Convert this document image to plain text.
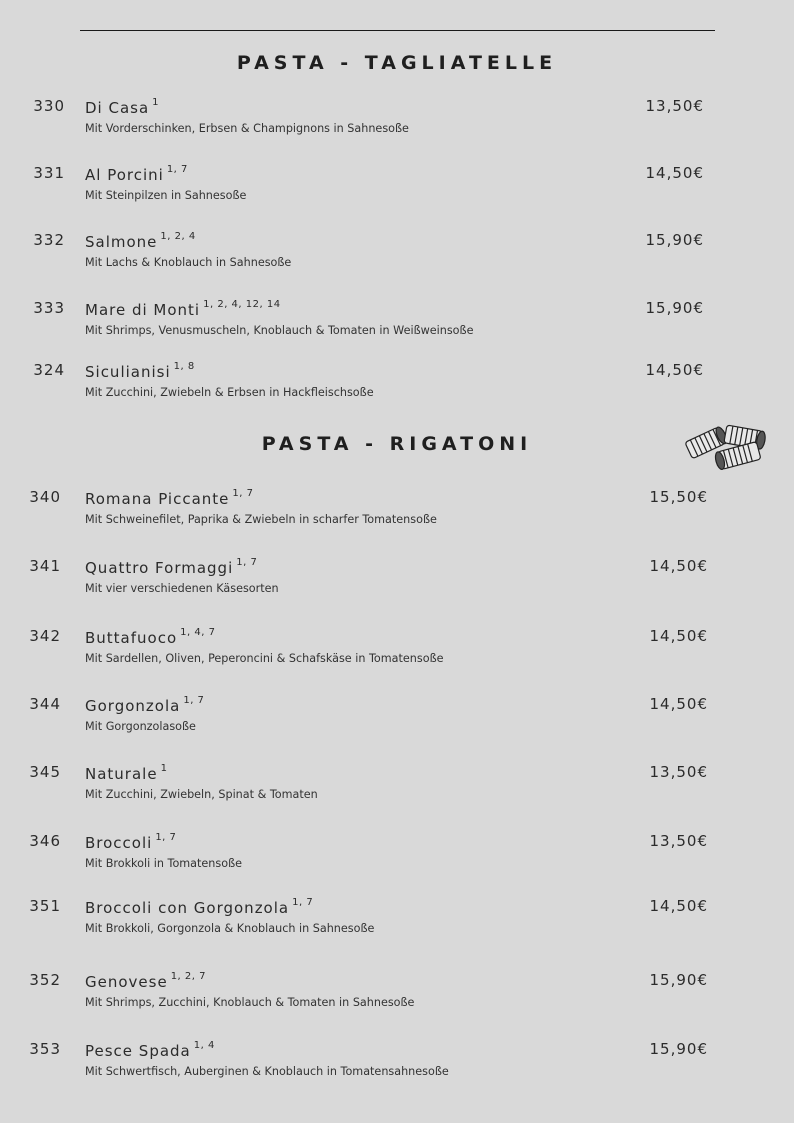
PASTA - TAGLIATELLE
330 Di Casa $^1$
Mit Vorderschinken, Erbsen & Champignons in Sahnesoße
13,50€
331 Al Porcini $^{1, 7}$
Mit Steinpilzen in Sahnesoße
14,50€
332 Salmone $^{1, 2, 4}$
Mit Lachs & Knoblauch in Sahnesoße
15,90€
333 Mare di Monti $^{1, 2, 4, 12, 14}$
Mit Shrimps, Venusmuscheln, Knoblauch & Tomaten in Weißweinsoße
15,90€
324 Siculianisi $^{1, 8}$
Mit Zucchini, Zwiebeln & Erbsen in Hackfleischsoße
14,50€
PASTA - RIGATONI
340 Romana Piccante $^{1, 7}$
Mit Schweinefilet, Paprika & Zwiebeln in scharfer Tomatensoße
15,50€
341 Quattro Formaggi $^{1, 7}$
Mit vier verschiedenen Käsesorten
14,50€
342 Buttafuoco $^{1, 4, 7}$
Mit Sardellen, Oliven, Peperoncini & Schafskäse in Tomatensoße
14,50€
344 Gorgonzola $^{1, 7}$
Mit Gorgonzolasoße
14,50€
345 Naturale $^1$
Mit Zucchini, Zwiebeln, Spinat & Tomaten
13,50€
346 Broccoli $^{1, 7}$
Mit Brokkoli in Tomatensoße
13,50€
351 Broccoli con Gorgonzola $^{1, 7}$
Mit Brokkoli, Gorgonzola & Knoblauch in Sahnesoße
14,50€
352 Genovese $^{1, 2, 7}$
Mit Shrimps, Zucchini, Knoblauch & Tomaten in Sahnesoße
15,90€
353 Pesce Spada $^{1, 4}$
Mit Schwertfisch, Auberginen & Knoblauch in Tomatensahnesoße
15,90€
